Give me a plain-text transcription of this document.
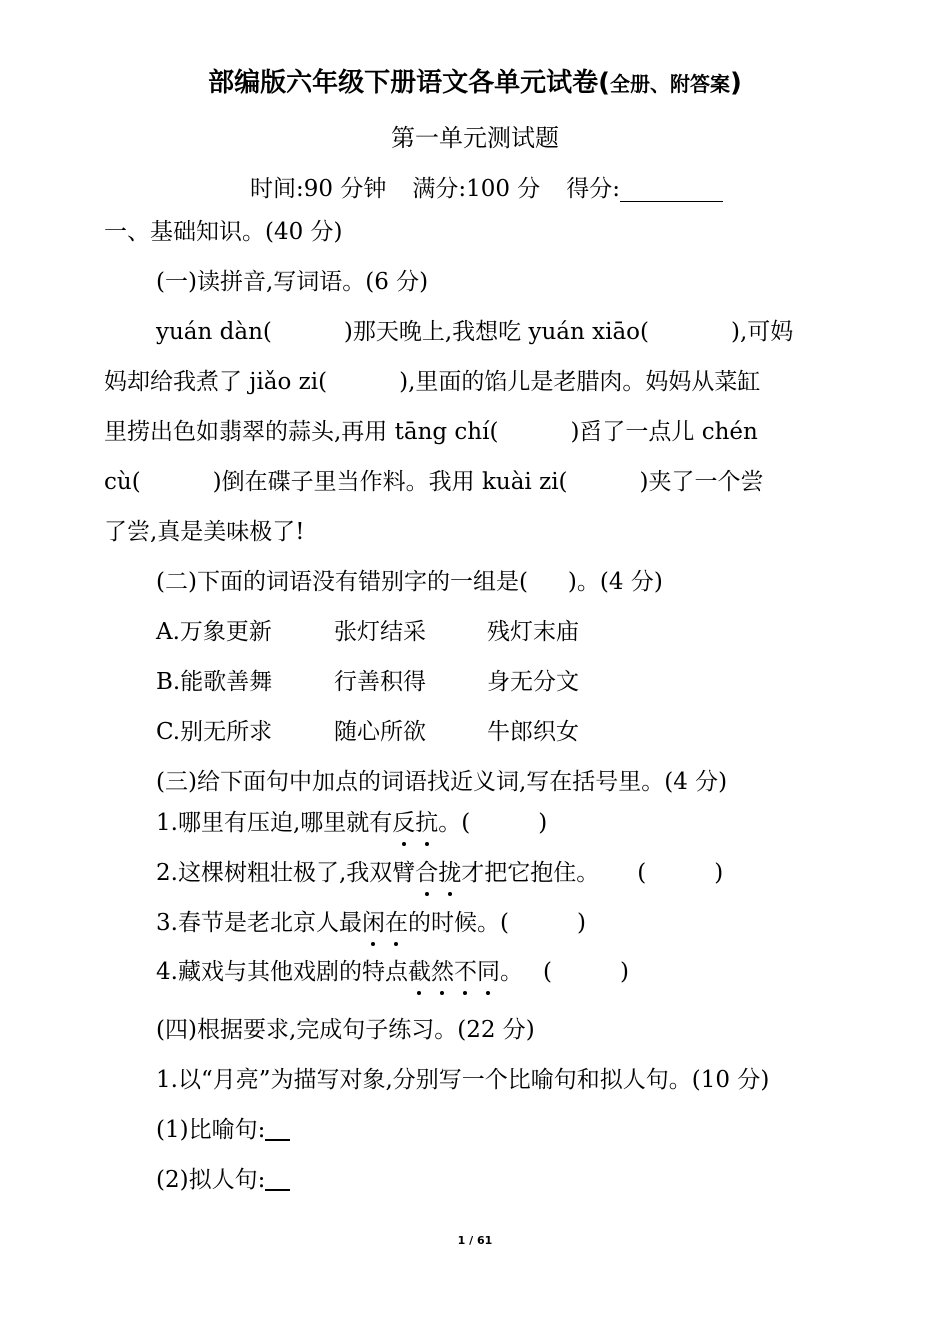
部编版六年级下册语文各单元试卷(全册、附答案)
第一单元测试题
时间:90 分钟 满分:100 分 得分:
一、基础知识。(40 分)
(一)读拼音,写词语。(6 分)
yuán dàn(	)那天晚上,我想吃 yuán xiāo(	),可妈
妈却给我煮了 jiǎo zi(	),里面的馅儿是老腊肉。妈妈从菜缸
里捞出色如翡翠的蒜头,再用 tāng chí(	)舀了一点儿 chén
cù(	)倒在碟子里当作料。我用 kuài zi(	)夹了一个尝
了尝,真是美味极了!
(二)下面的词语没有错别字的一组是( )。(4 分)
A.万象更新	张灯结采	残灯末庙
B.能歌善舞	行善积得	身无分文
C.别无所求	随心所欲	牛郎织女
(三)给下面句中加点的词语找近义词,写在括号里。(4 分)
1.哪里有压迫,哪里就有反抗。(	)
2.这棵树粗壮极了,我双臂合拢才把它抱住。 (	)
3.春节是老北京人最闲在的时候。(	)
4.藏戏与其他戏剧的特点截然不同。 (	)
(四)根据要求,完成句子练习。(22 分)
1.以“月亮”为描写对象,分别写一个比喻句和拟人句。(10 分)
(1)比喻句:
(2)拟人句:
1 / 61
